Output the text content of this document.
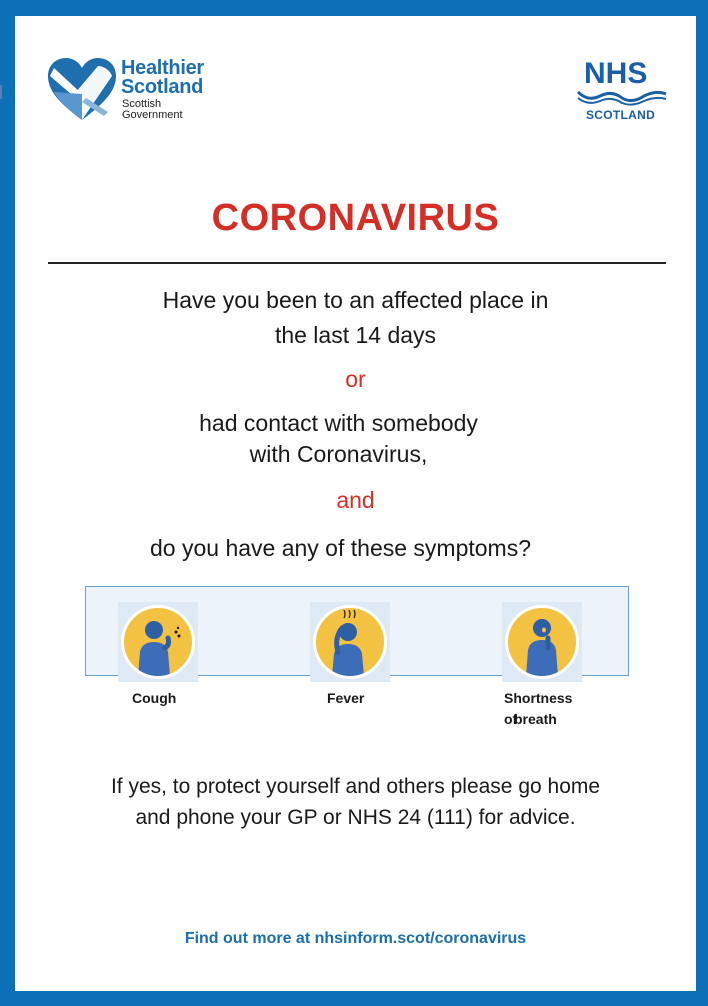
Healthier
Scotland
Scottish
Government
NHS
SCOTLAND
CORONAVIRUS
Have you been to an affected place in
the last 14 days
or
had contact with somebody
with Coronavirus,
and
do you have any of these symptoms?
Cough	Fever	Shortness
of
breath
If yes, to protect yourself and others please go home
and phone your GP or NHS 24 (111) for advice.
Find out more at nhsinform.scot/coronavirus
